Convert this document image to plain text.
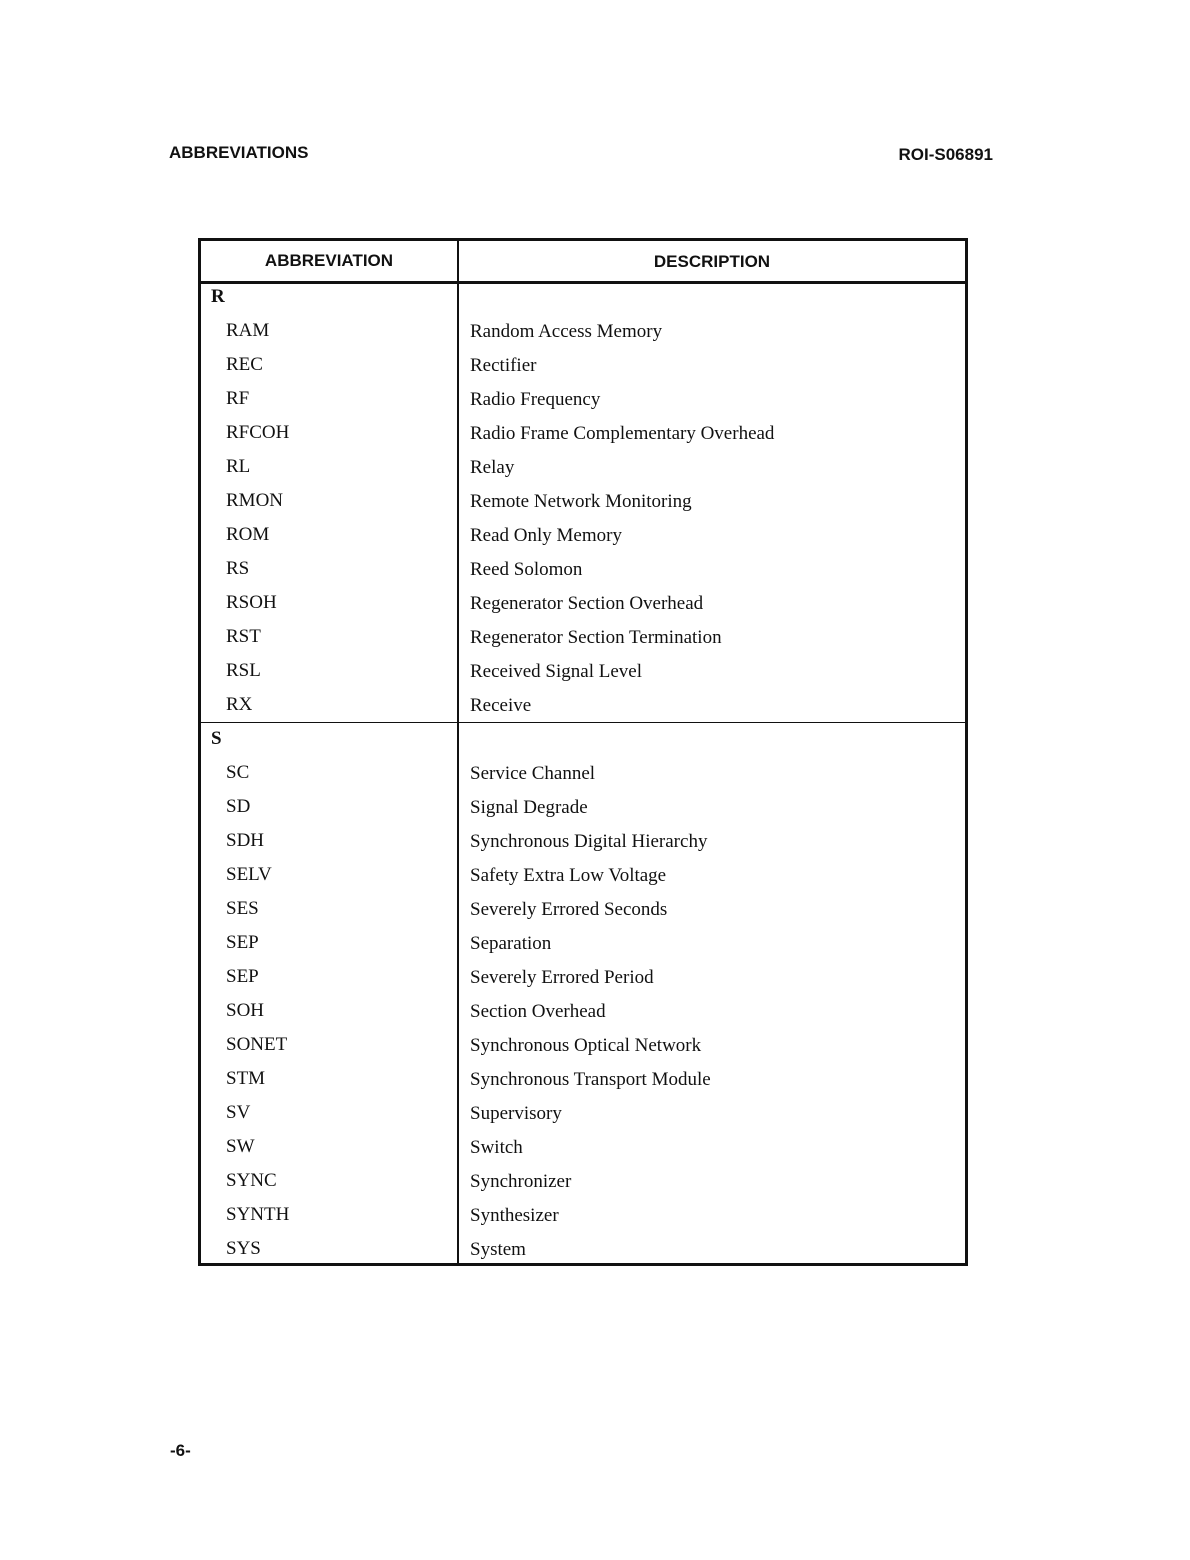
ABBREVIATIONS	ROI-S06891
ABBREVIATION	DESCRIPTION
R
RAM	Random Access Memory
REC	Rectifier
RF	Radio Frequency
RFCOH	Radio Frame Complementary Overhead
RL	Relay
RMON	Remote Network Monitoring
ROM	Read Only Memory
RS	Reed Solomon
RSOH	Regenerator Section Overhead
RST	Regenerator Section Termination
RSL	Received Signal Level
RX	Receive
S
SC	Service Channel
SD	Signal Degrade
SDH	Synchronous Digital Hierarchy
SELV	Safety Extra Low Voltage
SES	Severely Errored Seconds
SEP	Separation
SEP	Severely Errored Period
SOH	Section Overhead
SONET	Synchronous Optical Network
STM	Synchronous Transport Module
SV	Supervisory
SW	Switch
SYNC	Synchronizer
SYNTH	Synthesizer
SYS	System
-6-
